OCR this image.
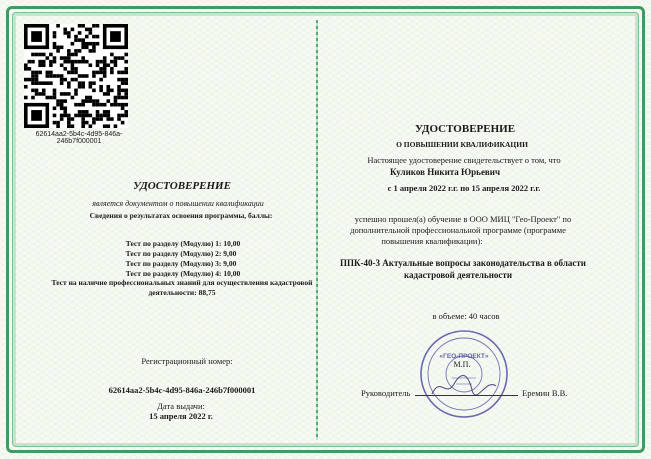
62614aa2-5b4c-4d95-846a-246b7f000001
УДОСТОВЕРЕНИЕ
является документом о повышении квалификации
Сведения о результатах освоения программы, баллы:
Тест по разделу (Модулю) 1: 10,00
Тест по разделу (Модулю) 2: 9,00
Тест по разделу (Модулю) 3: 9,00
Тест по разделу (Модулю) 4: 10,00
Тест на наличие профессиональных знаний для осуществления кадастровой
деятельности: 88,75
Регистрационный номер:
62614aa2-5b4c-4d95-846a-246b7f000001
Дата выдачи:
15 апреля 2022 г.
УДОСТОВЕРЕНИЕ
О ПОВЫШЕНИИ КВАЛИФИКАЦИИ
Настоящее удостоверение свидетельствует о том, что
Куликов Никита Юрьевич
с 1 апреля 2022 г.г. по 15 апреля 2022 г.г.
успешно прошел(а) обучение в ООО МИЦ "Гео-Проект" по
дополнительной профессиональной программе (программе
повышения квалификации):
ППК-40-3 Актуальные вопросы законодательства в области
кадастровой деятельности
в объеме: 40 часов
«ГЕО-ПРОЕКТ»
М.П.
Руководитель	Еремин В.В.
